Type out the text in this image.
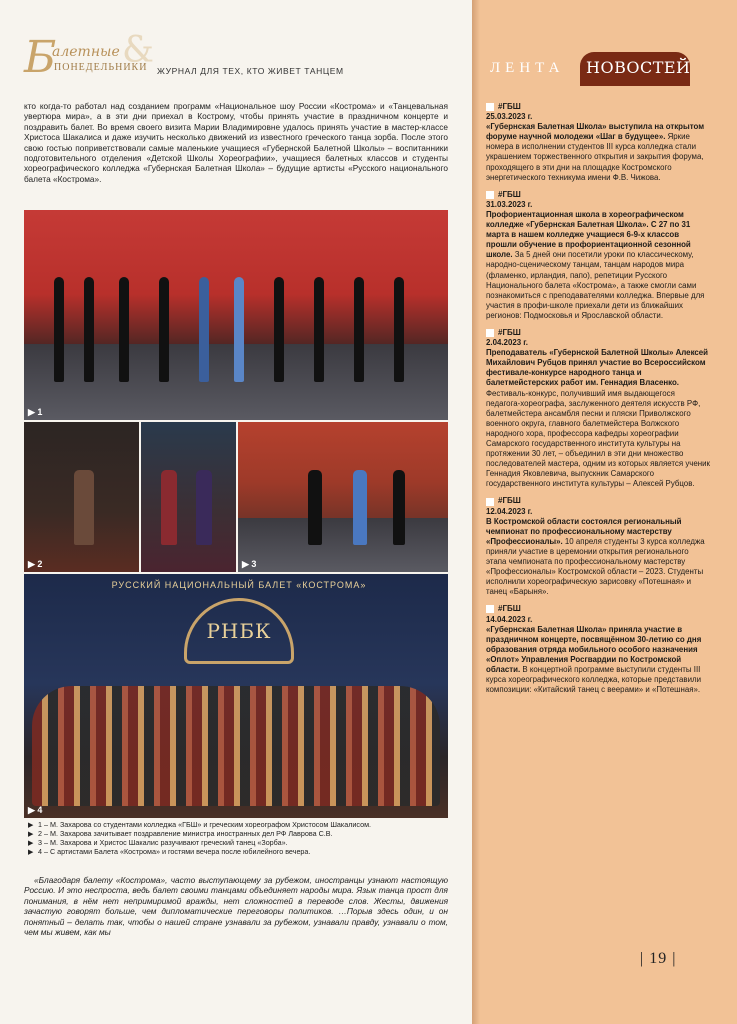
&
Б
алетные
ПОНЕДЕЛЬНИКИ ЖУРНАЛ ДЛЯ ТЕХ, КТО ЖИВЕТ ТАНЦЕМ

кто когда-то работал над созданием программ «Национальное шоу России «Кострома» и «Танцевальная увертюра мира», а в эти дни приехал в Кострому, чтобы принять участие в праздничном концерте и поздравить балет. Во время своего визита Марии Владимировне удалось принять участие в мастер-классе Христоса Шакалиса и даже изучить несколько движений из известного греческого танца зорба. После этого свою гостью поприветствовали самые маленькие учащиеся «Губернской Балетной Школы» – воспитанники подготовительного отделения «Детской Школы Хореографии», учащиеся балетных классов и студенты хореографического колледжа «Губернская Балетная Школа» – будущие артисты «Русского национального балета «Кострома».

▶ 1
▶ 2	▶ 3
РУССКИЙ НАЦИОНАЛЬНЫЙ БАЛЕТ «КОСТРОМА»
РНБК
▶ 4
▶ 1 – М. Захарова со студентами колледжа «ГБШ» и греческим хореографом Христосом Шакалисом.
▶ 2 – М. Захарова зачитывает поздравление министра иностранных дел РФ Лаврова С.В.
▶ 3 – М. Захарова и Христос Шакалис разучивают греческий танец «Зорба».
▶ 4 – С артистами Балета «Кострома» и гостями вечера после юбилейного вечера.

«Благодаря балету «Кострома», часто выступающему за рубежом, иностранцы узнают настоящую Россию. И это неспроста, ведь балет своими танцами объединяет народы мира. Язык танца прост для понимания, в нём нет непримиримой вражды, нет сложностей в переводе слов. Жесты, движения зачастую говорят больше, чем дипломатические переговоры политиков. …Порыв здесь один, и он понятный – делать так, чтобы о нашей стране узнавали за рубежом, узнавали правду, узнавали о том, чем мы живем, как мы

ЛЕНТА НОВОСТЕЙ
#ГБШ
25.03.2023 г.
«Губернская Балетная Школа» выступила на открытом форуме научной молодежи «Шаг в будущее». Яркие номера в исполнении студентов III курса колледжа стали украшением торжественного открытия и закрытия форума, проходящего в эти дни на площадке Костромского энергетического техникума имени Ф.В. Чижова.
#ГБШ
31.03.2023 г.
Профориентационная школа в хореографическом колледже «Губернская Балетная Школа». С 27 по 31 марта в нашем колледже учащиеся 6-9-х классов прошли обучение в профориентационной сезонной школе. За 5 дней они посетили уроки по классическому, народно-сценическому танцам, танцам народов мира (фламенко, ирландия, папо), репетиции Русского Национального балета «Кострома», а также смогли сами познакомиться с преподавателями колледжа. Впервые для участия в профи-школе приехали дети из ближайших регионов: Подмосковья и Ярославской области.
#ГБШ
2.04.2023 г.
Преподаватель «Губернской Балетной Школы» Алексей Михайлович Рубцов принял участие во Всероссийском фестивале-конкурсе народного танца и балетмейстерских работ им. Геннадия Власенко. Фестиваль-конкурс, получивший имя выдающегося педагога-хореографа, заслуженного деятеля искусств РФ, балетмейстера ансамбля песни и пляски Приволжского военного округа, главного балетмейстера Волжского народного хора, профессора кафедры хореографии Самарского государственного института культуры на протяжении 30 лет, – объединил в эти дни множество последователей мастера, одним из которых является ученик Геннадия Яковлевича, выпускник Самарского государственного института культуры – Алексей Рубцов.
#ГБШ
12.04.2023 г.
В Костромской области состоялся региональный чемпионат по профессиональному мастерству «Профессионалы». 10 апреля студенты 3 курса колледжа приняли участие в церемонии открытия регионального этапа чемпионата по профессиональному мастерству «Профессионалы» Костромской области – 2023. Студенты исполнили хореографическую зарисовку «Потешная» и танец «Барыня».
#ГБШ
14.04.2023 г.
«Губернская Балетная Школа» приняла участие в праздничном концерте, посвящённом 30-летию со дня образования отряда мобильного особого назначения «Оплот» Управления Росгвардии по Костромской области. В концертной программе выступили студенты III курса хореографического колледжа, которые представили композиции: «Китайский танец с веерами» и «Потешная».
| 19 |
